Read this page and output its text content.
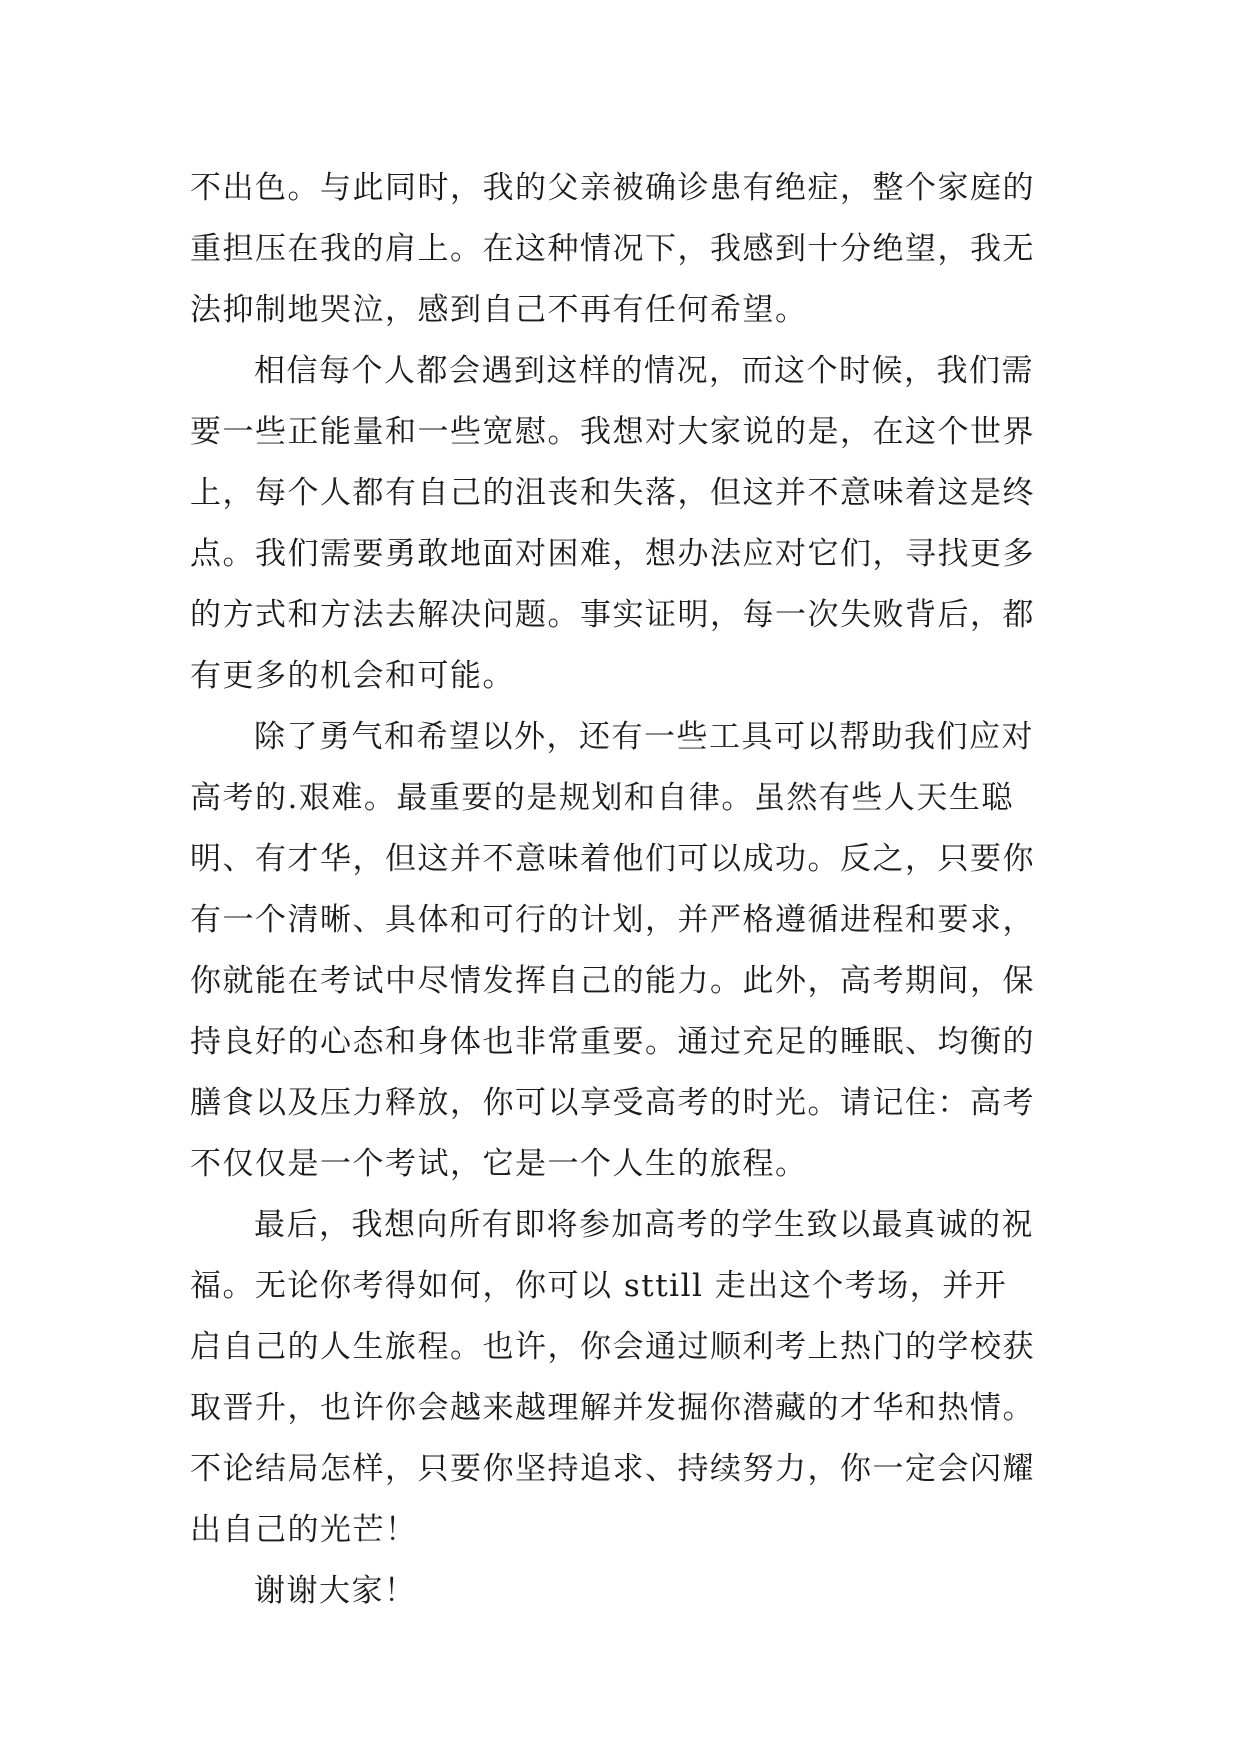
不出色。与此同时，我的父亲被确诊患有绝症，整个家庭的
重担压在我的肩上。在这种情况下，我感到十分绝望，我无
法抑制地哭泣，感到自己不再有任何希望。
相信每个人都会遇到这样的情况，而这个时候，我们需
要一些正能量和一些宽慰。我想对大家说的是，在这个世界
上，每个人都有自己的沮丧和失落，但这并不意味着这是终
点。我们需要勇敢地面对困难，想办法应对它们，寻找更多
的方式和方法去解决问题。事实证明，每一次失败背后，都
有更多的机会和可能。
除了勇气和希望以外，还有一些工具可以帮助我们应对
高考的.艰难。最重要的是规划和自律。虽然有些人天生聪
明、有才华，但这并不意味着他们可以成功。反之，只要你
有一个清晰、具体和可行的计划，并严格遵循进程和要求，
你就能在考试中尽情发挥自己的能力。此外，高考期间，保
持良好的心态和身体也非常重要。通过充足的睡眠、均衡的
膳食以及压力释放，你可以享受高考的时光。请记住：高考
不仅仅是一个考试，它是一个人生的旅程。
最后，我想向所有即将参加高考的学生致以最真诚的祝
福。无论你考得如何，你可以 sttill 走出这个考场，并开
启自己的人生旅程。也许，你会通过顺利考上热门的学校获
取晋升，也许你会越来越理解并发掘你潜藏的才华和热情。
不论结局怎样，只要你坚持追求、持续努力，你一定会闪耀
出自己的光芒！
谢谢大家！
